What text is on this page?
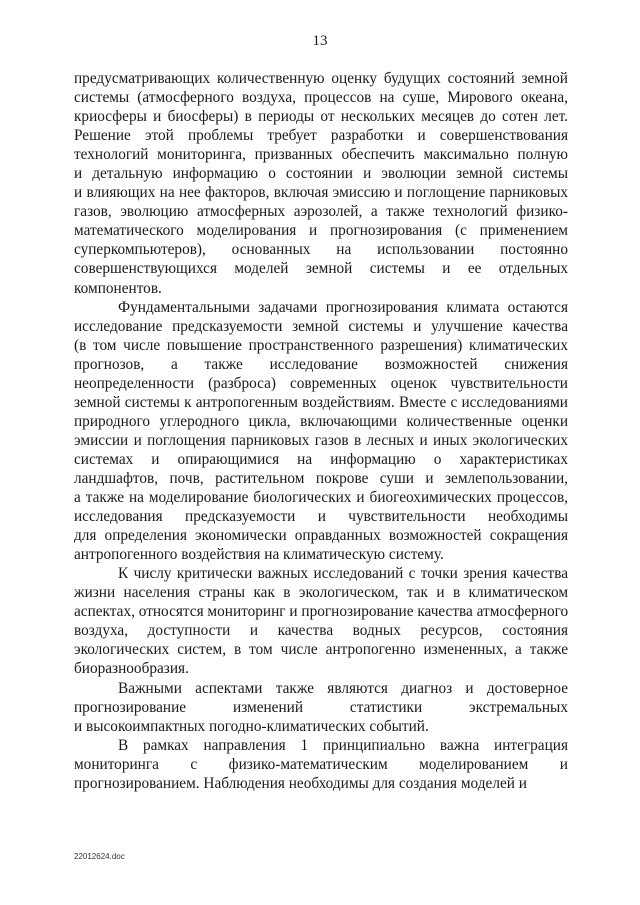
13
предусматривающих количественную оценку будущих состояний земной
системы (атмосферного воздуха, процессов на суше, Мирового океана,
криосферы и биосферы) в периоды от нескольких месяцев до сотен лет.
Решение этой проблемы требует разработки и совершенствования
технологий мониторинга, призванных обеспечить максимально полную
и детальную информацию о состоянии и эволюции земной системы
и влияющих на нее факторов, включая эмиссию и поглощение парниковых
газов, эволюцию атмосферных аэрозолей, а также технологий физико-
математического моделирования и прогнозирования (с применением
суперкомпьютеров), основанных на использовании постоянно
совершенствующихся моделей земной системы и ее отдельных
компонентов.
Фундаментальными задачами прогнозирования климата остаются
исследование предсказуемости земной системы и улучшение качества
(в том числе повышение пространственного разрешения) климатических
прогнозов, а также исследование возможностей снижения
неопределенности (разброса) современных оценок чувствительности
земной системы к антропогенным воздействиям. Вместе с исследованиями
природного углеродного цикла, включающими количественные оценки
эмиссии и поглощения парниковых газов в лесных и иных экологических
системах и опирающимися на информацию о характеристиках
ландшафтов, почв, растительном покрове суши и землепользовании,
а также на моделирование биологических и биогеохимических процессов,
исследования предсказуемости и чувствительности необходимы
для определения экономически оправданных возможностей сокращения
антропогенного воздействия на климатическую систему.
К числу критически важных исследований с точки зрения качества
жизни населения страны как в экологическом, так и в климатическом
аспектах, относятся мониторинг и прогнозирование качества атмосферного
воздуха, доступности и качества водных ресурсов, состояния
экологических систем, в том числе антропогенно измененных, а также
биоразнообразия.
Важными аспектами также являются диагноз и достоверное
прогнозирование изменений статистики экстремальных
и высокоимпактных погодно-климатических событий.
В рамках направления 1 принципиально важна интеграция
мониторинга с физико-математическим моделированием и
прогнозированием. Наблюдения необходимы для создания моделей и
22012624.doc
